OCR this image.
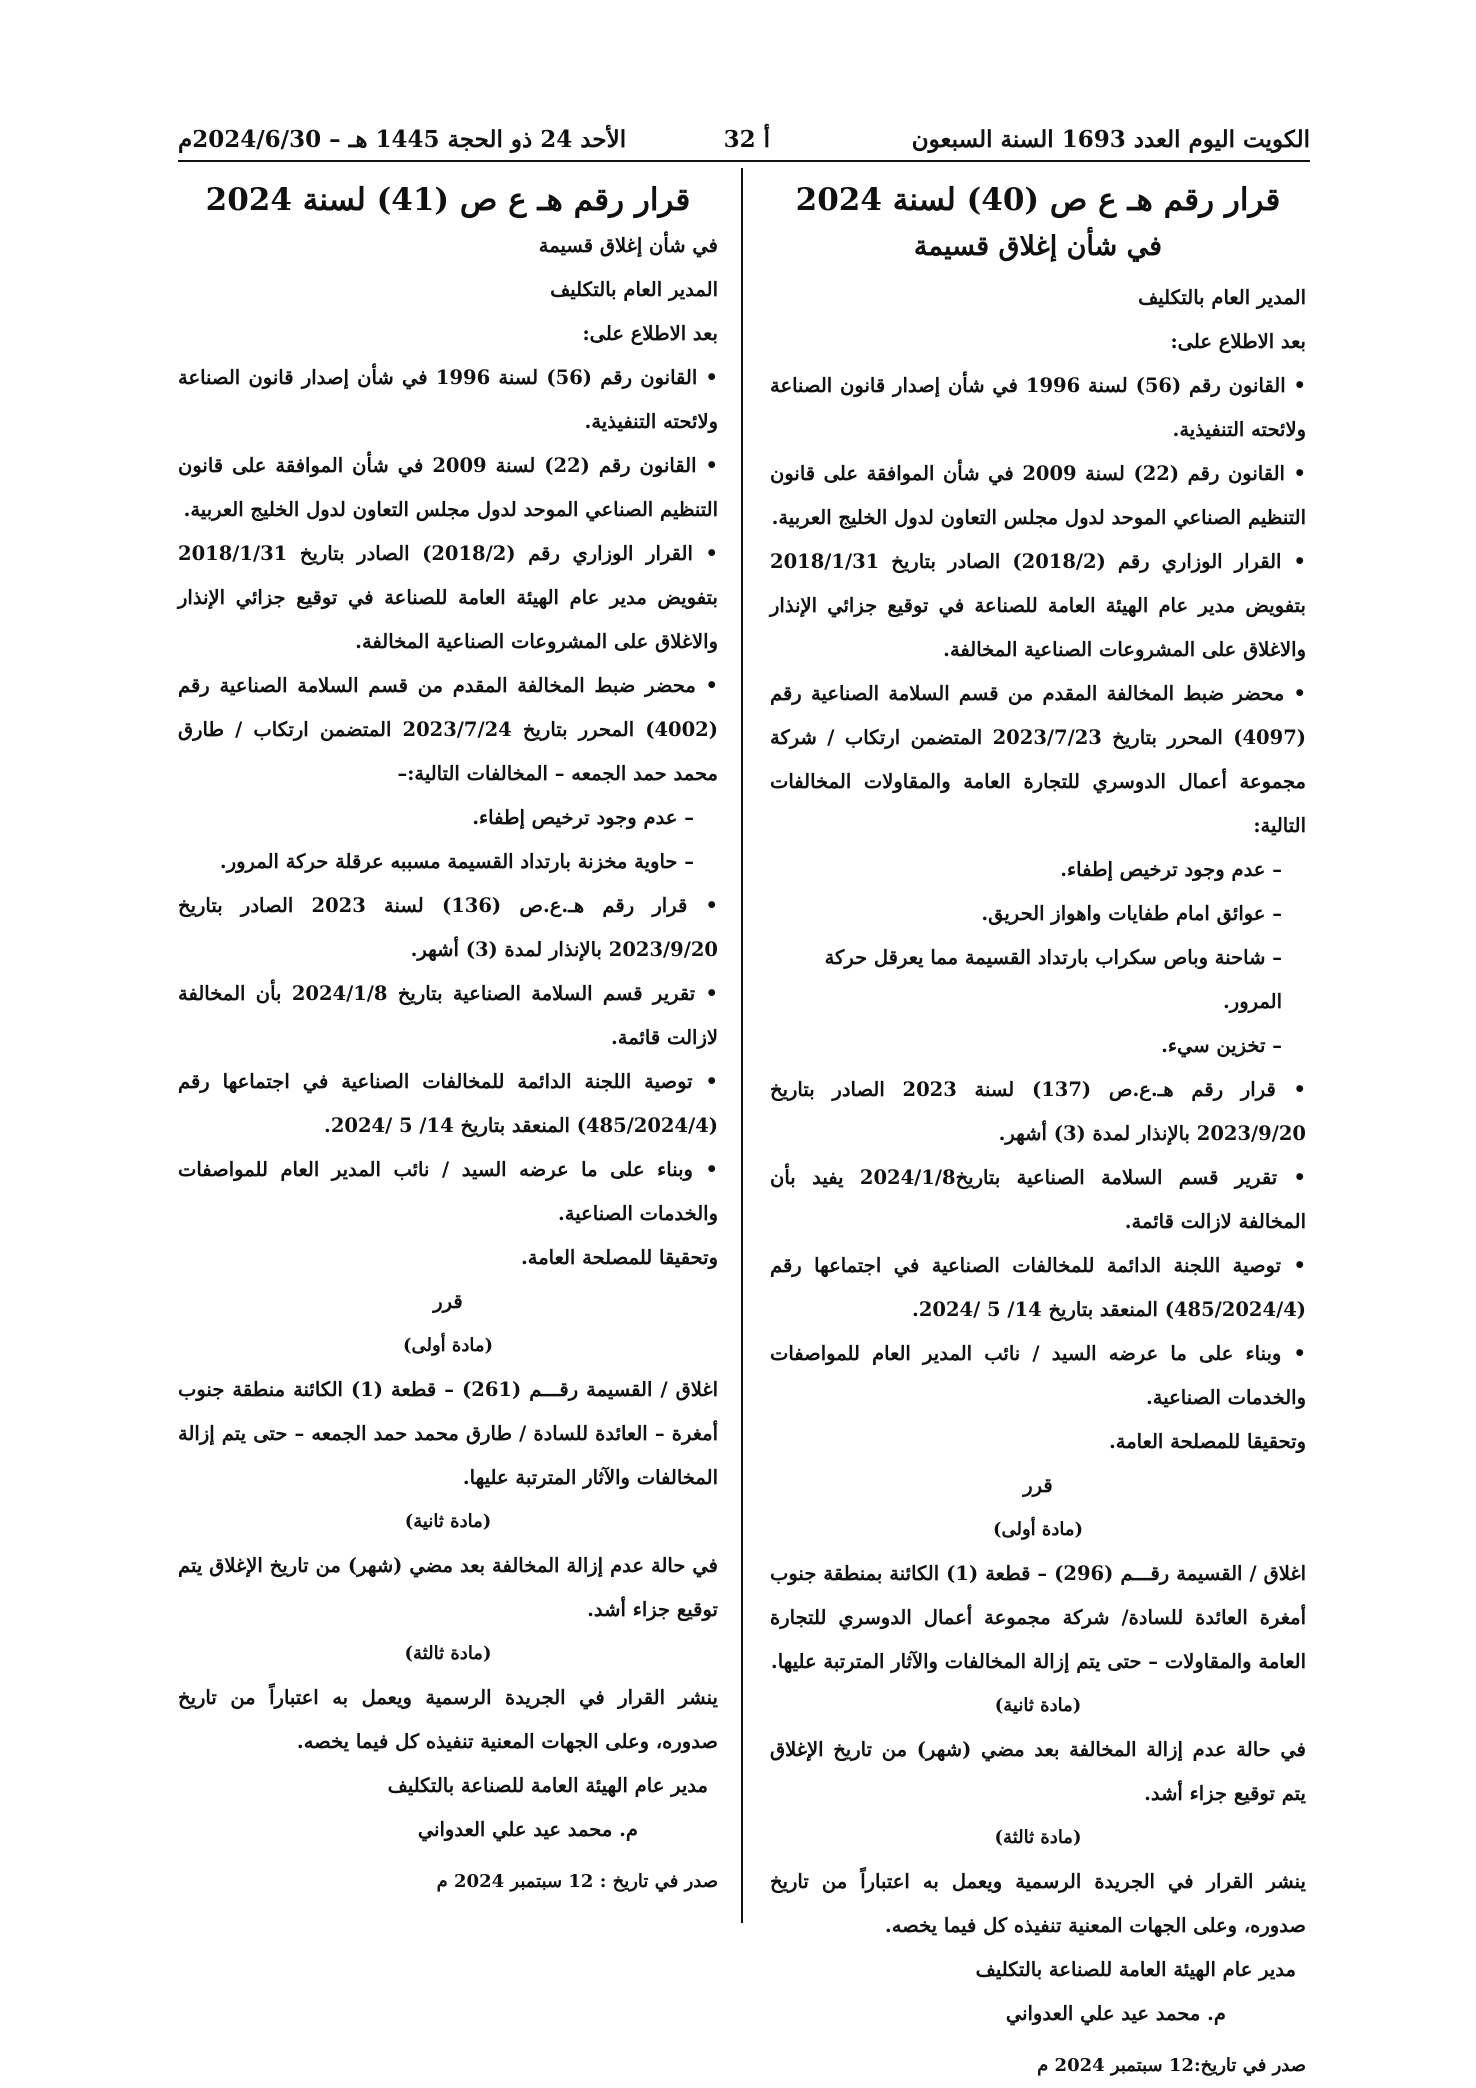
الكويت اليوم العدد 1693 السنة السبعون
أ 32
الأحد 24 ذو الحجة 1445 هـ – 2024/6/30م
قرار رقم هـ ع ص (40) لسنة 2024
في شأن إغلاق قسيمة

المدير العام بالتكليف

بعد الاطلاع على:

• القانون رقم (56) لسنة 1996 في شأن إصدار قانون الصناعة ولائحته التنفيذية.

• القانون رقم (22) لسنة 2009 في شأن الموافقة على قانون التنظيم الصناعي الموحد لدول مجلس التعاون لدول الخليج العربية.

• القرار الوزاري رقم (2018/2) الصادر بتاريخ 2018/1/31 بتفويض مدير عام الهيئة العامة للصناعة في توقيع جزائي الإنذار والاغلاق على المشروعات الصناعية المخالفة.

• محضر ضبط المخالفة المقدم من قسم السلامة الصناعية رقم (4097) المحرر بتاريخ 2023/7/23 المتضمن ارتكاب / شركة مجموعة أعمال الدوسري للتجارة العامة والمقاولات المخالفات التالية:

– عدم وجود ترخيص إطفاء.

– عوائق امام طفايات واهواز الحريق.

– شاحنة وباص سكراب بارتداد القسيمة مما يعرقل حركة المرور.

– تخزين سيء.

• قرار رقم هـ.ع.ص (137) لسنة 2023 الصادر بتاريخ 2023/9/20 بالإنذار لمدة (3) أشهر.

• تقرير قسم السلامة الصناعية بتاريخ2024/1/8 يفيد بأن المخالفة لازالت قائمة.

• توصية اللجنة الدائمة للمخالفات الصناعية في اجتماعها رقم (485/2024/4) المنعقد بتاريخ 14/ 5 /2024.

• وبناء على ما عرضه السيد / نائب المدير العام للمواصفات والخدمات الصناعية.

وتحقيقا للمصلحة العامة.

قرر

(مادة أولى)

اغلاق / القسيمة رقـــم (296) – قطعة (1) الكائنة بمنطقة جنوب أمغرة العائدة للسادة/ شركة مجموعة أعمال الدوسري للتجارة العامة والمقاولات – حتى يتم إزالة المخالفات والآثار المترتبة عليها.

(مادة ثانية)

في حالة عدم إزالة المخالفة بعد مضي (شهر) من تاريخ الإغلاق يتم توقيع جزاء أشد.

(مادة ثالثة)

ينشر القرار في الجريدة الرسمية ويعمل به اعتباراً من تاريخ صدوره، وعلى الجهات المعنية تنفيذه كل فيما يخصه.

مدير عام الهيئة العامة للصناعة بالتكليف

م. محمد عيد علي العدواني

صدر في تاريخ:12 سبتمبر 2024 م

قرار رقم هـ ع ص (41) لسنة 2024

في شأن إغلاق قسيمة

المدير العام بالتكليف

بعد الاطلاع على:

• القانون رقم (56) لسنة 1996 في شأن إصدار قانون الصناعة ولائحته التنفيذية.

• القانون رقم (22) لسنة 2009 في شأن الموافقة على قانون التنظيم الصناعي الموحد لدول مجلس التعاون لدول الخليج العربية.

• القرار الوزاري رقم (2018/2) الصادر بتاريخ 2018/1/31 بتفويض مدير عام الهيئة العامة للصناعة في توقيع جزائي الإنذار والاغلاق على المشروعات الصناعية المخالفة.

• محضر ضبط المخالفة المقدم من قسم السلامة الصناعية رقم (4002) المحرر بتاريخ 2023/7/24 المتضمن ارتكاب / طارق محمد حمد الجمعه – المخالفات التالية:–

– عدم وجود ترخيص إطفاء.

– حاوية مخزنة بارتداد القسيمة مسببه عرقلة حركة المرور.

• قرار رقم هـ.ع.ص (136) لسنة 2023 الصادر بتاريخ 2023/9/20 بالإنذار لمدة (3) أشهر.

• تقرير قسم السلامة الصناعية بتاريخ 2024/1/8 بأن المخالفة لازالت قائمة.

• توصية اللجنة الدائمة للمخالفات الصناعية في اجتماعها رقم (485/2024/4) المنعقد بتاريخ 14/ 5 /2024.

• وبناء على ما عرضه السيد / نائب المدير العام للمواصفات والخدمات الصناعية.

وتحقيقا للمصلحة العامة.

قرر

(مادة أولى)

اغلاق / القسيمة رقـــم (261) – قطعة (1) الكائنة منطقة جنوب أمغرة – العائدة للسادة / طارق محمد حمد الجمعه – حتى يتم إزالة المخالفات والآثار المترتبة عليها.

(مادة ثانية)

في حالة عدم إزالة المخالفة بعد مضي (شهر) من تاريخ الإغلاق يتم توقيع جزاء أشد.

(مادة ثالثة)

ينشر القرار في الجريدة الرسمية ويعمل به اعتباراً من تاريخ صدوره، وعلى الجهات المعنية تنفيذه كل فيما يخصه.

مدير عام الهيئة العامة للصناعة بالتكليف

م. محمد عيد علي العدواني

صدر في تاريخ : 12 سبتمبر 2024 م
